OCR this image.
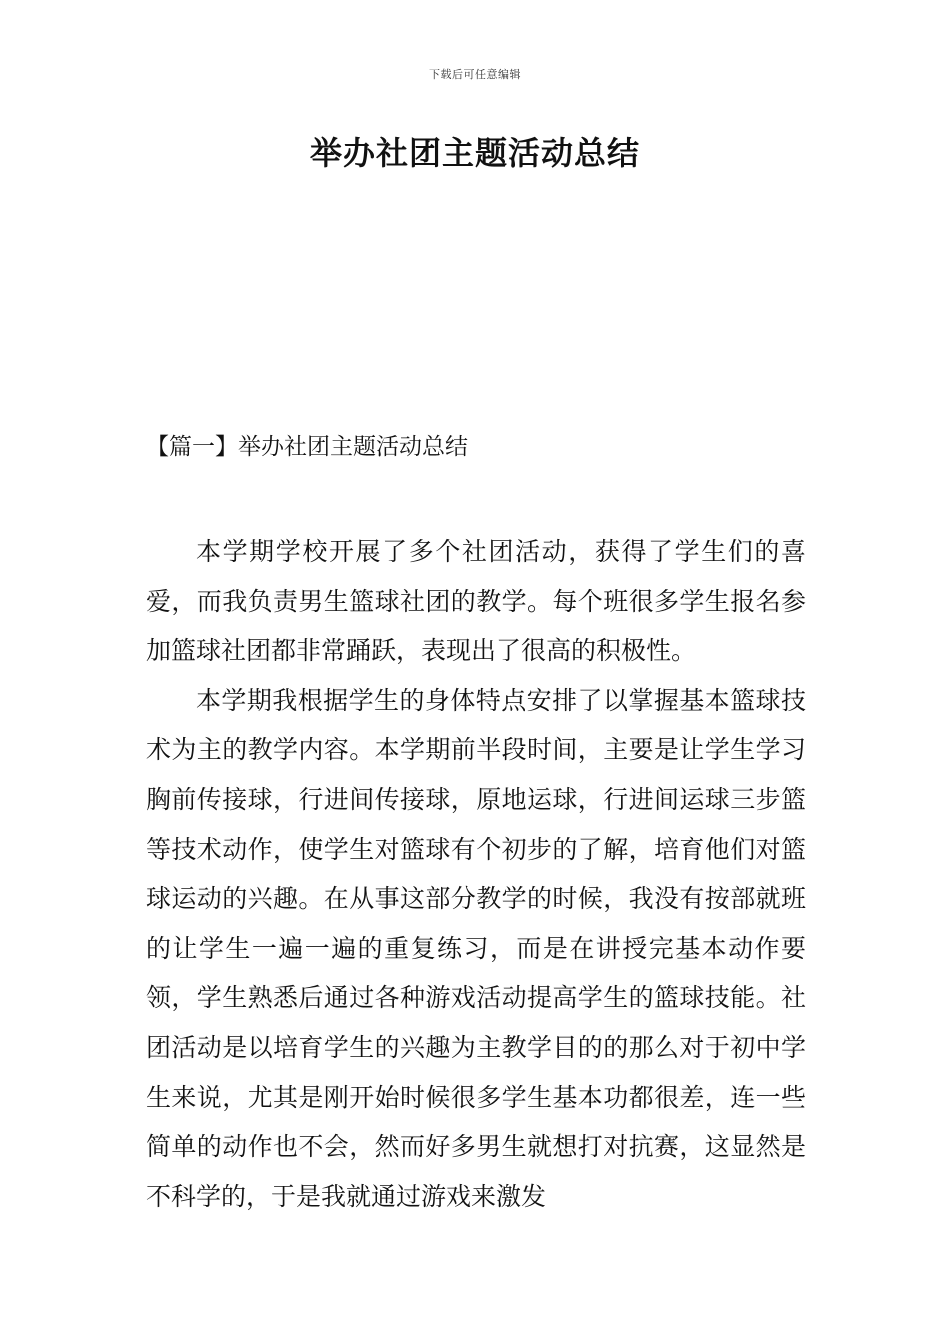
下载后可任意编辑
举办社团主题活动总结
【篇一】举办社团主题活动总结

本学期学校开展了多个社团活动，获得了学生们的喜爱，而我负责男生篮球社团的教学。每个班很多学生报名参加篮球社团都非常踊跃，表现出了很高的积极性。

本学期我根据学生的身体特点安排了以掌握基本篮球技术为主的教学内容。本学期前半段时间，主要是让学生学习胸前传接球，行进间传接球，原地运球，行进间运球三步篮等技术动作，使学生对篮球有个初步的了解，培育他们对篮球运动的兴趣。在从事这部分教学的时候，我没有按部就班的让学生一遍一遍的重复练习，而是在讲授完基本动作要领，学生熟悉后通过各种游戏活动提高学生的篮球技能。社团活动是以培育学生的兴趣为主教学目的的那么对于初中学生来说，尤其是刚开始时候很多学生基本功都很差，连一些简单的动作也不会，然而好多男生就想打对抗赛，这显然是不科学的，于是我就通过游戏来激发
